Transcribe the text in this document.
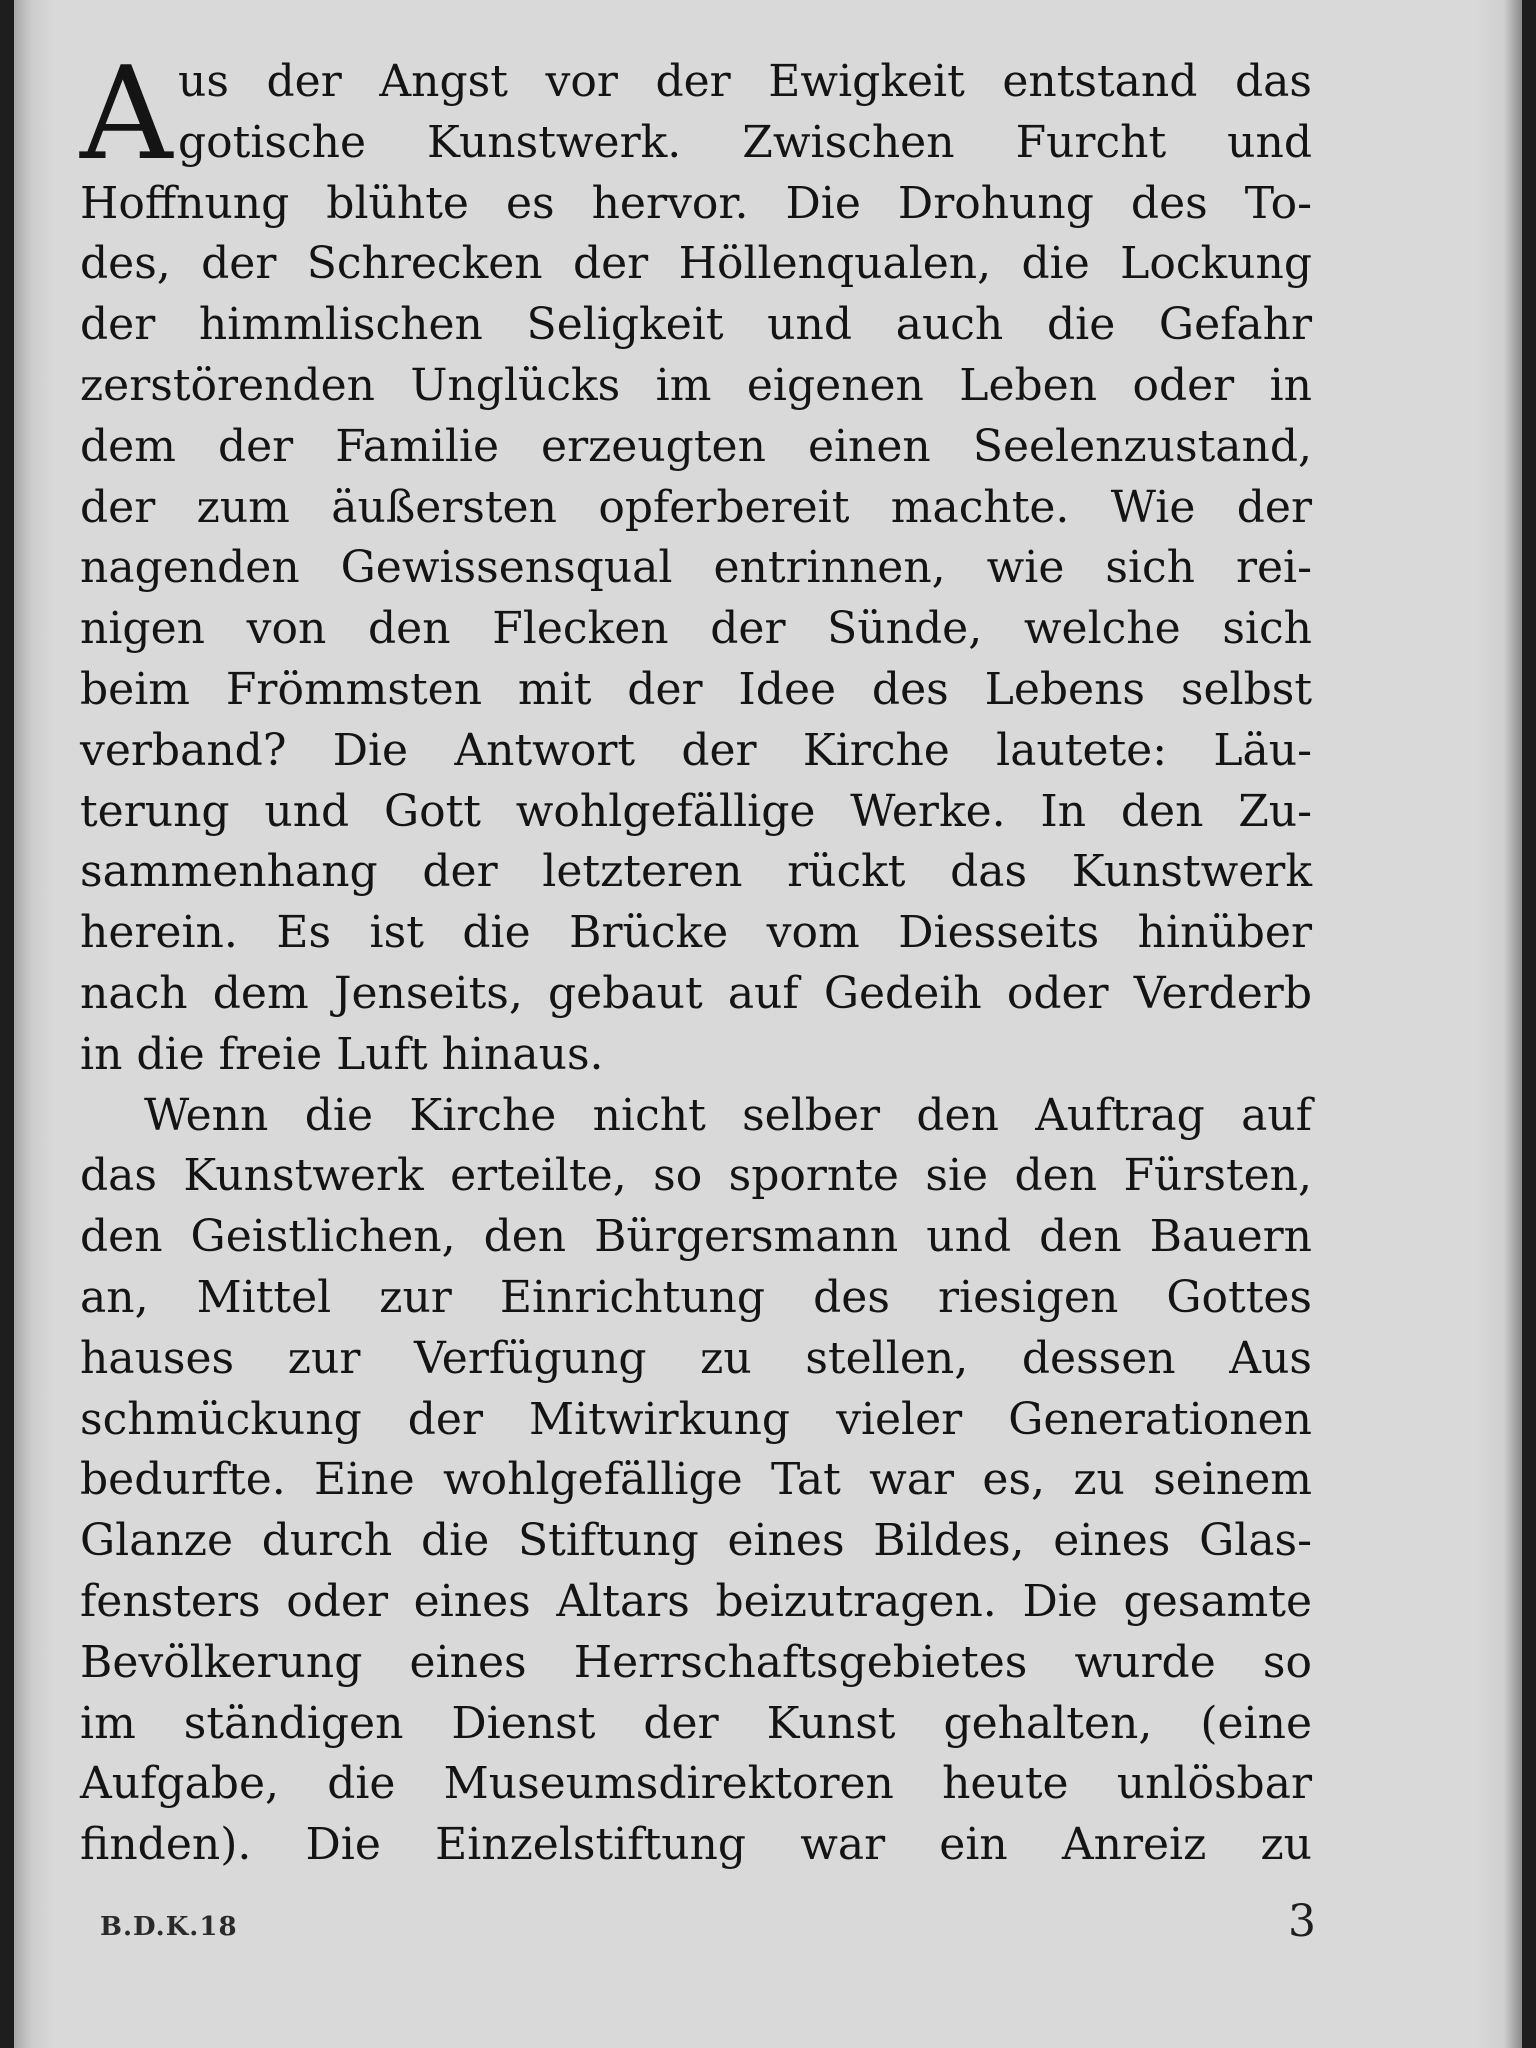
A us der Angst vor der Ewigkeit entstand das
gotische Kunstwerk. Zwischen Furcht und
Hoffnung blühte es hervor. Die Drohung des To-
des, der Schrecken der Höllenqualen, die Lockung
der himmlischen Seligkeit und auch die Gefahr
zerstörenden Unglücks im eigenen Leben oder in
dem der Familie erzeugten einen Seelenzustand,
der zum äußersten opferbereit machte. Wie der
nagenden Gewissensqual entrinnen, wie sich rei-
nigen von den Flecken der Sünde, welche sich
beim Frömmsten mit der Idee des Lebens selbst
verband? Die Antwort der Kirche lautete: Läu-
terung und Gott wohlgefällige Werke. In den Zu-
sammenhang der letzteren rückt das Kunstwerk
herein. Es ist die Brücke vom Diesseits hinüber
nach dem Jenseits, gebaut auf Gedeih oder Verderb
in die freie Luft hinaus.
Wenn die Kirche nicht selber den Auftrag auf
das Kunstwerk erteilte, so spornte sie den Fürsten,
den Geistlichen, den Bürgersmann und den Bauern
an, Mittel zur Einrichtung des riesigen Gottes
hauses zur Verfügung zu stellen, dessen Aus
schmückung der Mitwirkung vieler Generationen
bedurfte. Eine wohlgefällige Tat war es, zu seinem
Glanze durch die Stiftung eines Bildes, eines Glas-
fensters oder eines Altars beizutragen. Die gesamte
Bevölkerung eines Herrschaftsgebietes wurde so
im ständigen Dienst der Kunst gehalten, (eine
Aufgabe, die Museumsdirektoren heute unlösbar
finden). Die Einzelstiftung war ein Anreiz zu
B.D.K.18	3
